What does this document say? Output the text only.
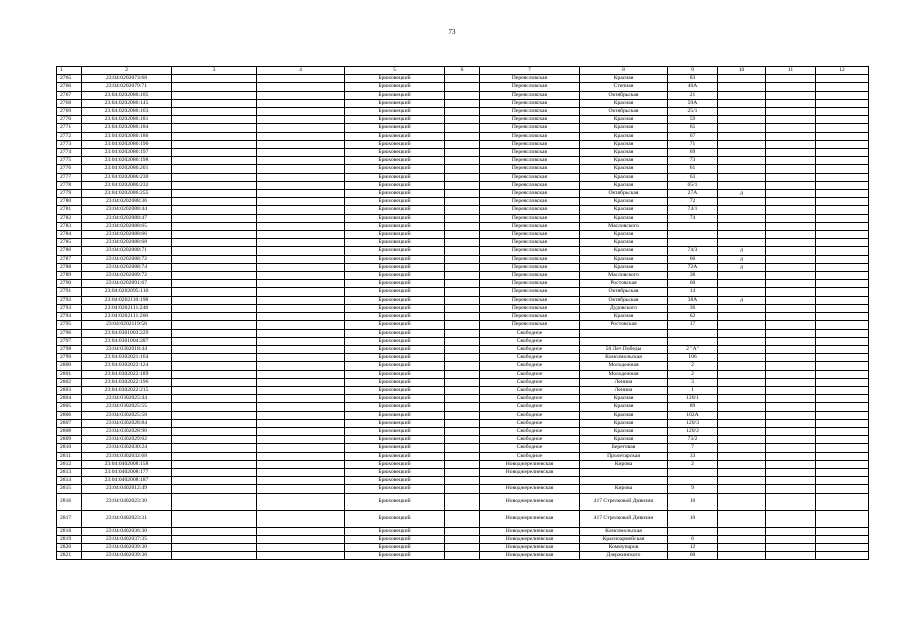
73
1	2	3	4	5	6	7	8	9	10	11	12
2765	23:04:0202073:68			Брюховецкий		Переясловская	Красная	83			
2766	23:04:0202079:71			Брюховецкий		Переясловская	Степная	40А			
2767	23:04:0202086:105			Брюховецкий		Переясловская	Октябрьская	21			
2768	23:04:0202086:145			Брюховецкий		Переясловская	Красная	59А			
2769	23:04:0202086:163			Брюховецкий		Переясловская	Октябрьская	25/1			
2770	23:04:0202086:181			Брюховецкий		Переясловская	Красная	59			
2771	23:04:0202086:184			Брюховецкий		Переясловская	Красная	65			
2772	23:04:0202086:186			Брюховецкий		Переясловская	Красная	67			
2773	23:04:0202086:190			Брюховецкий		Переясловская	Красная	71			
2774	23:04:0202086:197			Брюховецкий		Переясловская	Красная	69			
2775	23:04:0202086:198			Брюховецкий		Переясловская	Красная	73			
2776	23:04:0202086:201			Брюховецкий		Переясловская	Красная	61			
2777	23:04:0202086:230			Брюховецкий		Переясловская	Красная	63			
2778	23:04:0202086:232			Брюховецкий		Переясловская	Красная	65/1			
2779	23:04:0202086:255			Брюховецкий		Переясловская	Октябрьская	27А	д		
2780	23:04:0202088:36			Брюховецкий		Переясловская	Красная	72			
2781	23:04:0202088:44			Брюховецкий		Переясловская	Красная	74/1			
2782	23:04:0202088:47			Брюховецкий		Переясловская	Красная	74			
2783	23:04:0202088:65			Брюховецкий		Переясловская	Масловского				
2784	23:04:0202088:66			Брюховецкий		Переясловская	Красная				
2785	23:04:0202088:68			Брюховецкий		Переясловская	Красная				
2786	23:04:0202088:71			Брюховецкий		Переясловская	Красная	74/3	д		
2787	23:04:0202088:72			Брюховецкий		Переясловская	Красная	66	д		
2788	23:04:0202088:74			Брюховецкий		Переясловская	Красная	72А	д		
2789	23:04:0202089:72			Брюховецкий		Переясловская	Масловского	38			
2790	23:04:0202091:67			Брюховецкий		Переясловская	Ростовская	60			
2791	23:04:0202095:110			Брюховецкий		Переясловская	Октябрьская	14			
2792	23:04:0202110:198			Брюховецкий		Переясловская	Октябрьская	38А	д		
2793	23:04:0202111:248			Брюховецкий		Переясловская	Дудовского	36			
2794	23:04:0202111:260			Брюховецкий		Переясловская	Красная	62			
2795	23:04:0202119:58			Брюховецкий		Переясловская	Ростовская	17			
2796	23:04:0301003:229			Брюховецкий		Свободное					
2797	23:04:0301004:287			Брюховецкий		Свободное					
2798	23:04:0302018:44			Брюховецкий		Свободное	50 Лет Победы	2 "А"			
2799	23:04:0302021:164			Брюховецкий		Свободное	Комсомольская	106			
2800	23:04:0302022:124			Брюховецкий		Свободное	Молодежная	2			
2801	23:04:0302022:189			Брюховецкий		Свободное	Молодежная	2			
2802	23:04:0302022:196			Брюховецкий		Свободное	Ленина	3			
2803	23:04:0302022:215			Брюховецкий		Свободное	Ленина	1			
2804	23:04:0302025:44			Брюховецкий		Свободное	Красная	120/1			
2805	23:04:0302025:55			Брюховецкий		Свободное	Красная	89			
2806	23:04:0302025:58			Брюховецкий		Свободное	Красная	102А			
2807	23:04:0302028:84			Брюховецкий		Свободное	Красная	120/3			
2808	23:04:0302028:90			Брюховецкий		Свободное	Красная	120/2			
2809	23:04:0302029:62			Брюховецкий		Свободное	Красная	73/2			
2810	23:04:0302030:24			Брюховецкий		Свободное	Береговая	7			
2811	23:04:0302032:68			Брюховецкий		Свободное	Пролетарская	33			
2812	23:04:0402008:158			Брюховецкий		Новоджерелиевская	Кирова	2			
2813	23:04:0402008:177			Брюховецкий		Новоджерелиевская					
2814	23:04:0402008:187			Брюховецкий							
2815	23:04:0402012:49			Брюховецкий		Новоджерелиевская	Кирова	9			
2816	23:04:0402023:30			Брюховецкий		Новоджерелиевская	417 Стрелковой Дивизии	10			
2817	23:04:0402023:31			Брюховецкий		Новоджерелиевская	417 Стрелковой Дивизии	10			
2818	23:04:0402036:30			Брюховецкий		Новоджерелиевская	Комсомольская				
2819	23:04:0402037:35			Брюховецкий		Новоджерелиевская	Красноармейская	6			
2820	23:04:0402039:30			Брюховецкий		Новоджерелиевская	Коммунаров	12			
2821	23:04:0402039:36			Брюховецкий		Новоджерелиевская	Дзержинского	60			
